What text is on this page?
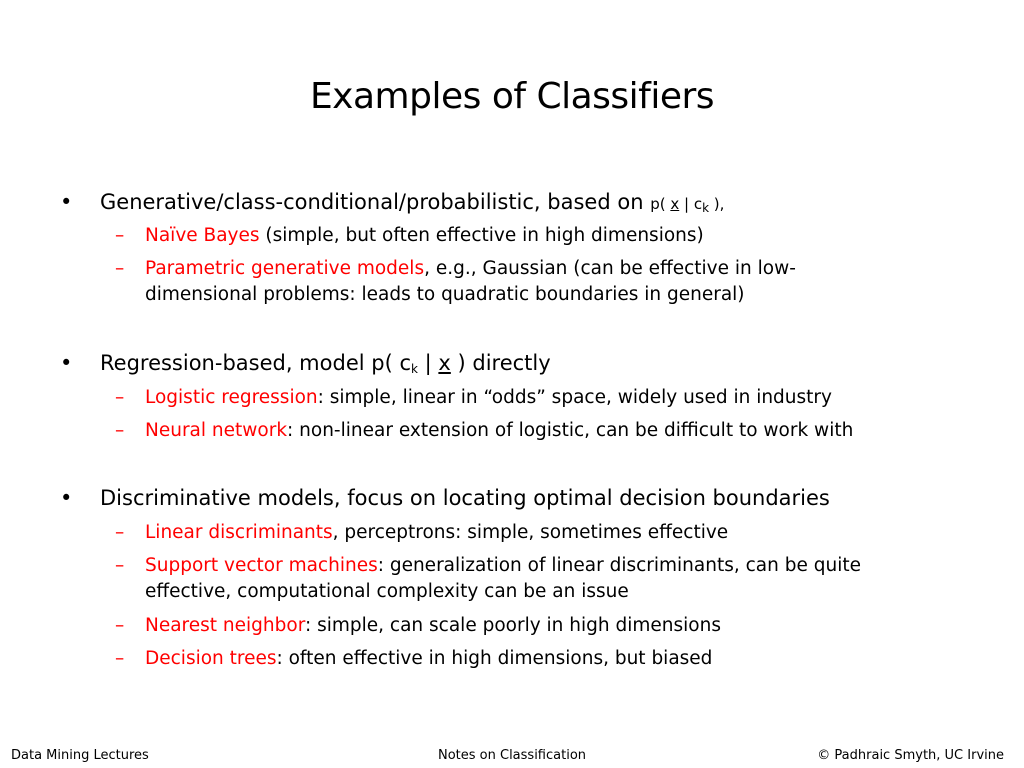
Examples of Classifiers
•	Generative/class-conditional/probabilistic, based on p( x | $c_k$ ),
–	Naïve Bayes (simple, but often effective in high dimensions)
–	Parametric generative models, e.g., Gaussian (can be effective in low-dimensional problems: leads to quadratic boundaries in general)
•	Regression-based, model p( $c_k$ | x ) directly
–	Logistic regression: simple, linear in “odds” space, widely used in industry
–	Neural network: non-linear extension of logistic, can be difficult to work with
•	Discriminative models, focus on locating optimal decision boundaries
–	Linear discriminants, perceptrons: simple, sometimes effective
–	Support vector machines: generalization of linear discriminants, can be quite effective, computational complexity can be an issue
–	Nearest neighbor: simple, can scale poorly in high dimensions
–	Decision trees: often effective in high dimensions, but biased
Data Mining Lectures	Notes on Classification	© Padhraic Smyth, UC Irvine
